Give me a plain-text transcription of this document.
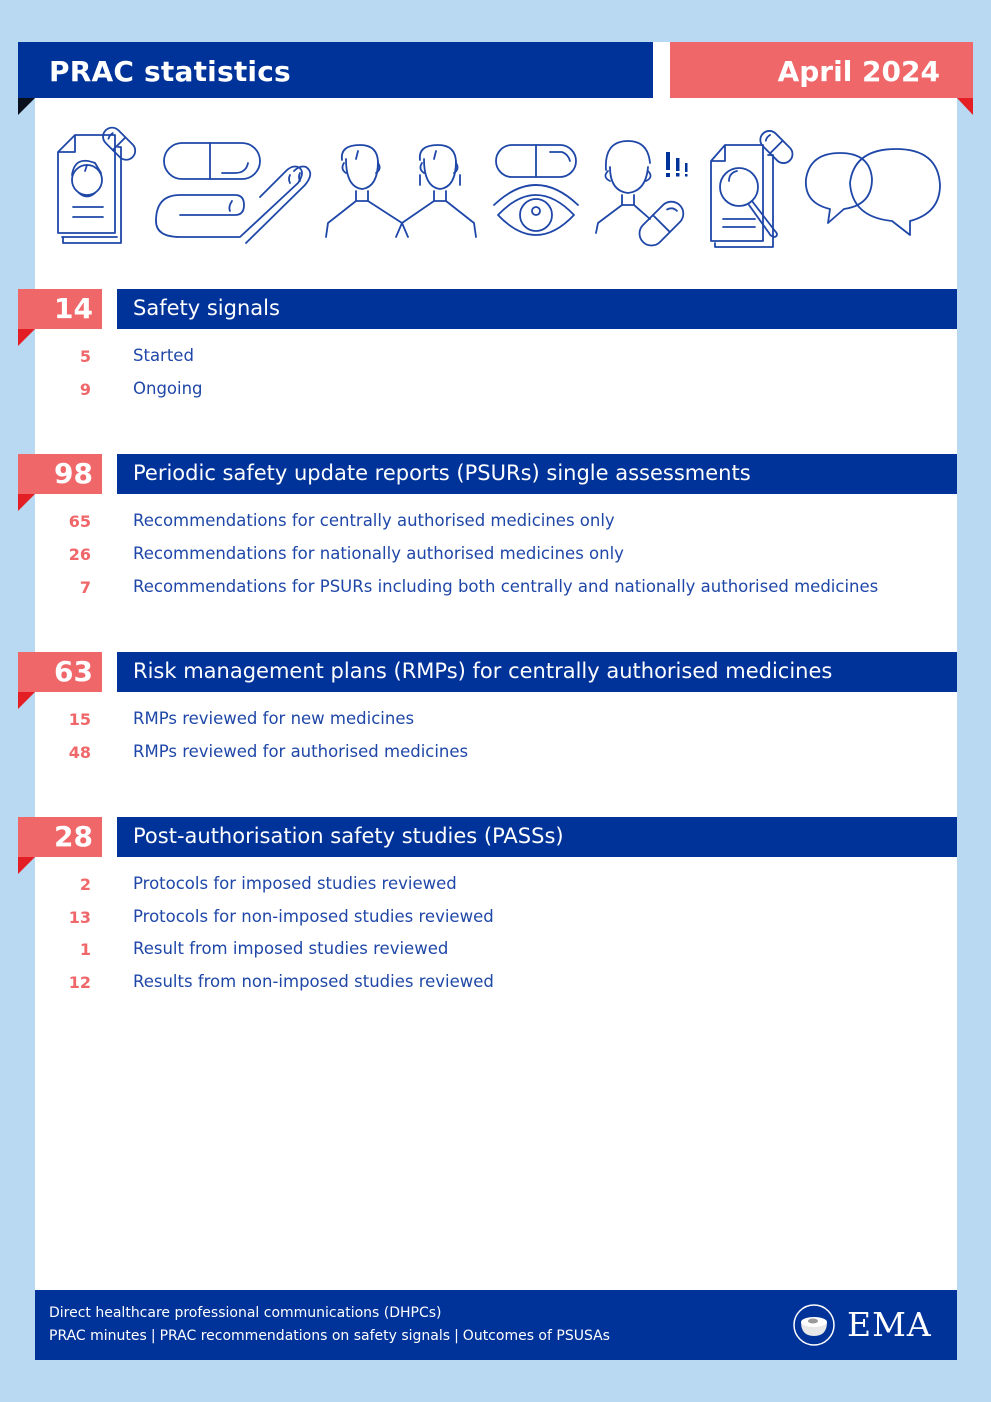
PRAC statistics	April 2024
14 Safety signals
5	Started
9	Ongoing
98 Periodic safety update reports (PSURs) single assessments
65	Recommendations for centrally authorised medicines only
26	Recommendations for nationally authorised medicines only
7	Recommendations for PSURs including both centrally and nationally authorised medicines
63 Risk management plans (RMPs) for centrally authorised medicines
15	RMPs reviewed for new medicines
48	RMPs reviewed for authorised medicines
28 Post-authorisation safety studies (PASSs)
2	Protocols for imposed studies reviewed
13	Protocols for non-imposed studies reviewed
1	Result from imposed studies reviewed
12	Results from non-imposed studies reviewed
Direct healthcare professional communications (DHPCs)
PRAC minutes | PRAC recommendations on safety signals | Outcomes of PSUSAs	EMA
